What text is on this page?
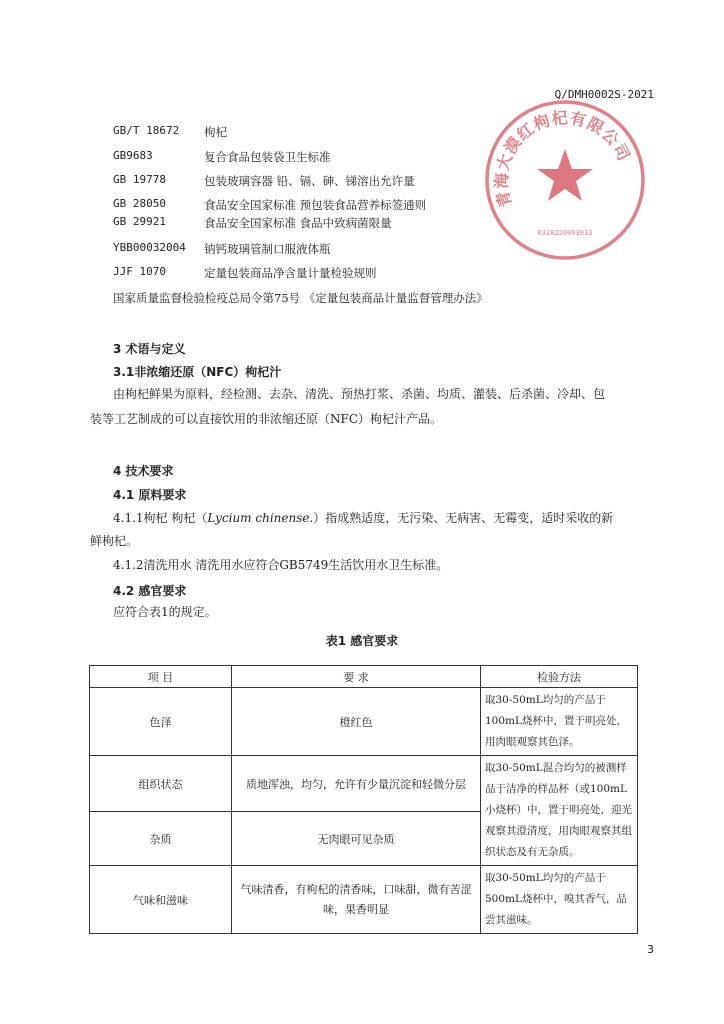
Q/DMH0002S-2021
青海大漠红枸杞有限公司
6328220003013
GB/T 18672 枸杞
GB9683	复合食品包装袋卫生标准
GB 19778	包装玻璃容器 铅、镉、砷、锑溶出允许量
GB 28050	食品安全国家标准 预包装食品营养标签通则
GB 29921	食品安全国家标准 食品中致病菌限量
YBB00032004 钠钙玻璃管制口服液体瓶
JJF 1070	定量包装商品净含量计量检验规则
国家质量监督检验检疫总局令第75号 《定量包装商品计量监督管理办法》
3 术语与定义
3.1非浓缩还原（NFC）枸杞汁
由枸杞鲜果为原料，经检测、去杂、清洗、预热打浆、杀菌、均质、灌装、后杀菌、冷却、包
装等工艺制成的可以直接饮用的非浓缩还原（NFC）枸杞汁产品。
4 技术要求
4.1 原料要求
4.1.1枸杞 枸杞（Lycium chinense.）指成熟适度，无污染、无病害、无霉变，适时采收的新
鲜枸杞。
4.1.2清洗用水 清洗用水应符合GB5749生活饮用水卫生标准。
4.2 感官要求
应符合表1的规定。
表1 感官要求
项 目	要 求	检验方法
色泽	橙红色	取30-50mL均匀的产品于100mL烧杯中，置于明亮处，用肉眼观察其色泽。
组织状态	质地浑浊，均匀，允许有少量沉淀和轻微分层	取30-50mL混合均匀的被测样品于洁净的样品杯（或100mL小烧杯）中，置于明亮处，迎光观察其澄清度，用肉眼观察其组织状态及有无杂质。
杂质	无肉眼可见杂质	
气味和滋味	气味清香，有枸杞的清香味，口味甜，微有苦涩味，果香明显	取30-50mL均匀的产品于500mL烧杯中，嗅其香气，品尝其滋味。
3
